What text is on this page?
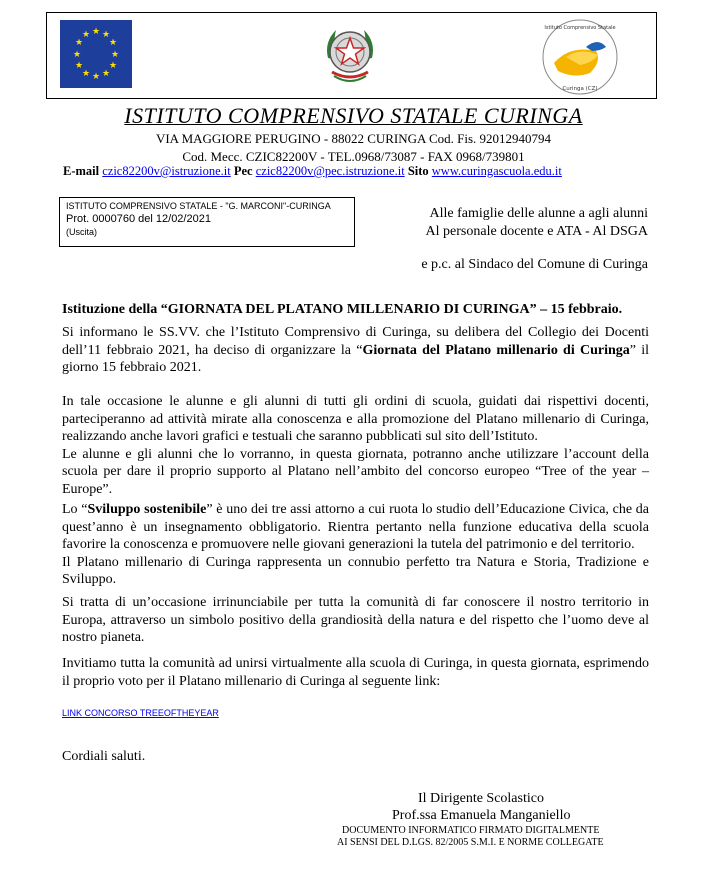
★ ★
★
★
★
★
★
★
★
★
★
★
Istituto Comprensivo Statale
Curinga (CZ)
ISTITUTO COMPRENSIVO STATALE CURINGA
VIA MAGGIORE PERUGINO - 88022 CURINGA Cod. Fis. 92012940794
Cod. Mecc. CZIC82200V - TEL.0968/73087 - FAX 0968/739801
E-mail czic82200v@istruzione.it Pec czic82200v@pec.istruzione.it Sito www.curingascuola.edu.it
ISTITUTO COMPRENSIVO STATALE - "G. MARCONI"-CURINGA
Prot. 0000760 del 12/02/2021
(Uscita)
Alle famiglie delle alunne a agli alunni
Al personale docente e ATA - Al DSGA
e p.c. al Sindaco del Comune di Curinga
Istituzione della “GIORNATA DEL PLATANO MILLENARIO DI CURINGA” – 15 febbraio.
Si informano le SS.VV. che l’Istituto Comprensivo di Curinga, su delibera del Collegio dei Docenti dell’11 febbraio 2021, ha deciso di organizzare la “Giornata del Platano millenario di Curinga” il giorno 15 febbraio 2021.
In tale occasione le alunne e gli alunni di tutti gli ordini di scuola, guidati dai rispettivi docenti, parteciperanno ad attività mirate alla conoscenza e alla promozione del Platano millenario di Curinga, realizzando anche lavori grafici e testuali che saranno pubblicati sul sito dell’Istituto.
Le alunne e gli alunni che lo vorranno, in questa giornata, potranno anche utilizzare l’account della scuola per dare il proprio supporto al Platano nell’ambito del concorso europeo “Tree of the year – Europe”.
Lo “Sviluppo sostenibile” è uno dei tre assi attorno a cui ruota lo studio dell’Educazione Civica, che da quest’anno è un insegnamento obbligatorio. Rientra pertanto nella funzione educativa della scuola favorire la conoscenza e promuovere nelle giovani generazioni la tutela del patrimonio e del territorio.
Il Platano millenario di Curinga rappresenta un connubio perfetto tra Natura e Storia, Tradizione e Sviluppo.
Si tratta di un’occasione irrinunciabile per tutta la comunità di far conoscere il nostro territorio in Europa, attraverso un simbolo positivo della grandiosità della natura e del rispetto che l’uomo deve al nostro pianeta.
Invitiamo tutta la comunità ad unirsi virtualmente alla scuola di Curinga, in questa giornata, esprimendo il proprio voto per il Platano millenario di Curinga al seguente link:
LINK CONCORSO TREEOFTHEYEAR
Cordiali saluti.
Il Dirigente Scolastico
Prof.ssa Emanuela Manganiello
DOCUMENTO INFORMATICO FIRMATO DIGITALMENTE
AI SENSI DEL D.LGS. 82/2005 S.M.I. E NORME COLLEGATE
